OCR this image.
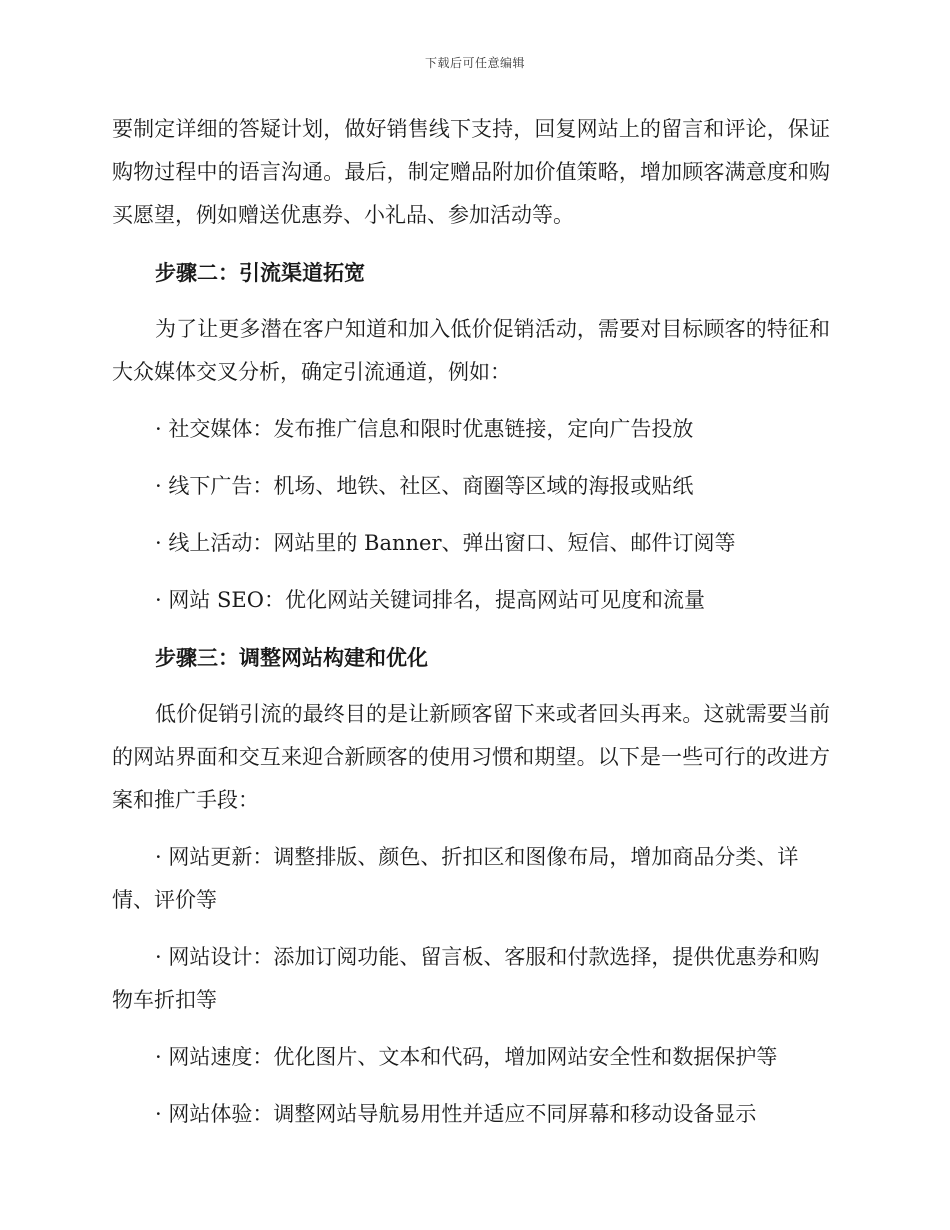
下载后可任意编辑

要制定详细的答疑计划，做好销售线下支持，回复网站上的留言和评论，保证购物过程中的语言沟通。最后，制定赠品附加价值策略，增加顾客满意度和购买愿望，例如赠送优惠券、小礼品、参加活动等。

步骤二：引流渠道拓宽

为了让更多潜在客户知道和加入低价促销活动，需要对目标顾客的特征和大众媒体交叉分析，确定引流通道，例如：

· 社交媒体：发布推广信息和限时优惠链接，定向广告投放

· 线下广告：机场、地铁、社区、商圈等区域的海报或贴纸

· 线上活动：网站里的 Banner、弹出窗口、短信、邮件订阅等

· 网站 SEO：优化网站关键词排名，提高网站可见度和流量

步骤三：调整网站构建和优化

低价促销引流的最终目的是让新顾客留下来或者回头再来。这就需要当前的网站界面和交互来迎合新顾客的使用习惯和期望。以下是一些可行的改进方案和推广手段：

· 网站更新：调整排版、颜色、折扣区和图像布局，增加商品分类、详情、评价等

· 网站设计：添加订阅功能、留言板、客服和付款选择，提供优惠券和购物车折扣等

· 网站速度：优化图片、文本和代码，增加网站安全性和数据保护等

· 网站体验：调整网站导航易用性并适应不同屏幕和移动设备显示
